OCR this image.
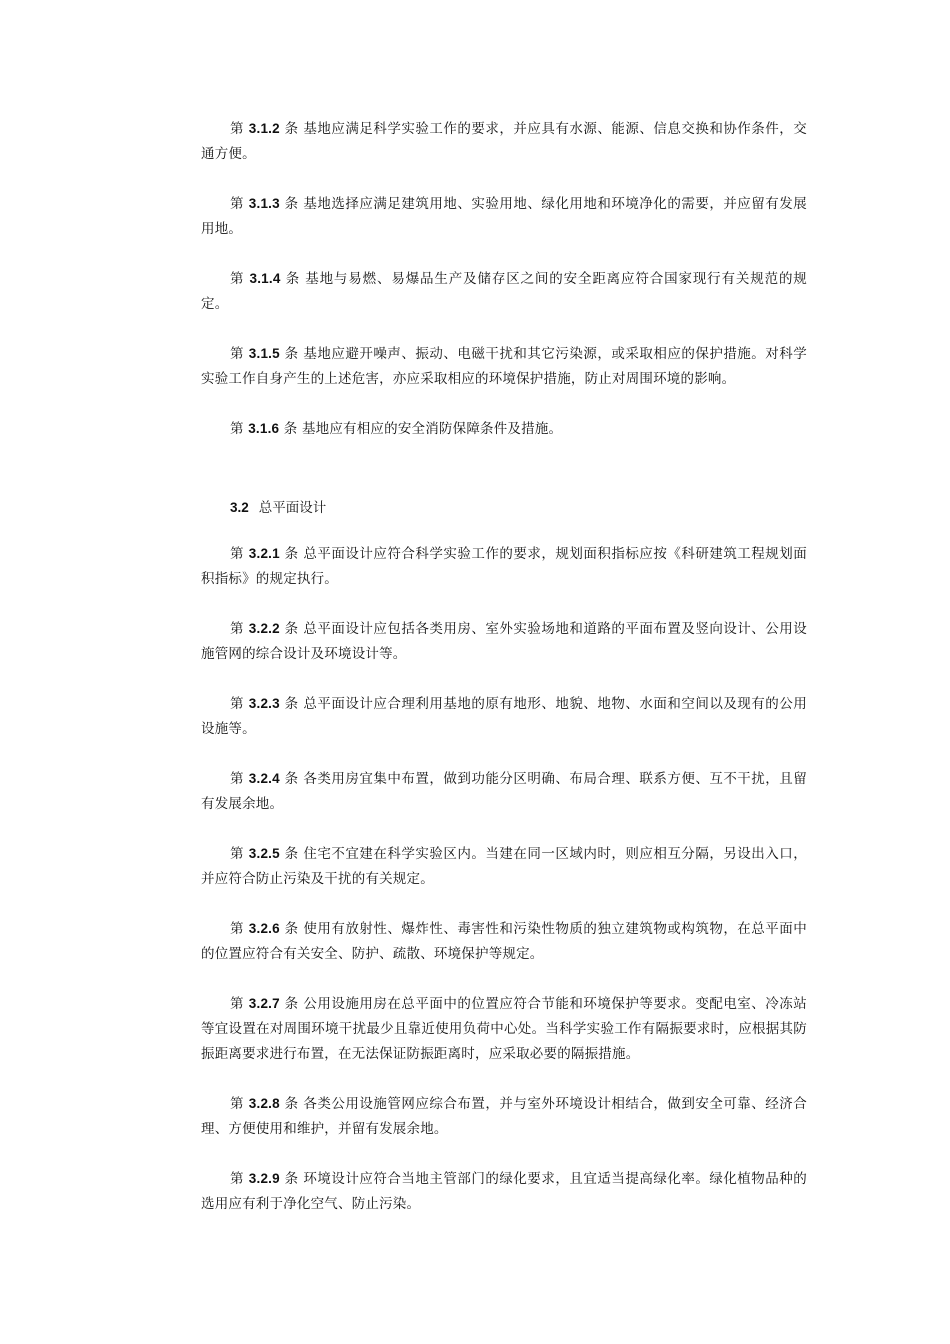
第 3.1.2 条 基地应满足科学实验工作的要求，并应具有水源、能源、信息交换和协作条件，交通方便。

第 3.1.3 条 基地选择应满足建筑用地、实验用地、绿化用地和环境净化的需要，并应留有发展用地。

第 3.1.4 条 基地与易燃、易爆品生产及储存区之间的安全距离应符合国家现行有关规范的规定。

第 3.1.5 条 基地应避开噪声、振动、电磁干扰和其它污染源，或采取相应的保护措施。对科学实验工作自身产生的上述危害，亦应采取相应的环境保护措施，防止对周围环境的影响。

第 3.1.6 条 基地应有相应的安全消防保障条件及措施。

3.2 总平面设计

第 3.2.1 条 总平面设计应符合科学实验工作的要求，规划面积指标应按《科研建筑工程规划面积指标》的规定执行。

第 3.2.2 条 总平面设计应包括各类用房、室外实验场地和道路的平面布置及竖向设计、公用设施管网的综合设计及环境设计等。

第 3.2.3 条 总平面设计应合理利用基地的原有地形、地貌、地物、水面和空间以及现有的公用设施等。

第 3.2.4 条 各类用房宜集中布置，做到功能分区明确、布局合理、联系方便、互不干扰，且留有发展余地。

第 3.2.5 条 住宅不宜建在科学实验区内。当建在同一区域内时，则应相互分隔，另设出入口，并应符合防止污染及干扰的有关规定。

第 3.2.6 条 使用有放射性、爆炸性、毒害性和污染性物质的独立建筑物或构筑物，在总平面中的位置应符合有关安全、防护、疏散、环境保护等规定。

第 3.2.7 条 公用设施用房在总平面中的位置应符合节能和环境保护等要求。变配电室、冷冻站等宜设置在对周围环境干扰最少且靠近使用负荷中心处。当科学实验工作有隔振要求时，应根据其防振距离要求进行布置，在无法保证防振距离时，应采取必要的隔振措施。

第 3.2.8 条 各类公用设施管网应综合布置，并与室外环境设计相结合，做到安全可靠、经济合理、方便使用和维护，并留有发展余地。

第 3.2.9 条 环境设计应符合当地主管部门的绿化要求，且宜适当提高绿化率。绿化植物品种的选用应有利于净化空气、防止污染。
